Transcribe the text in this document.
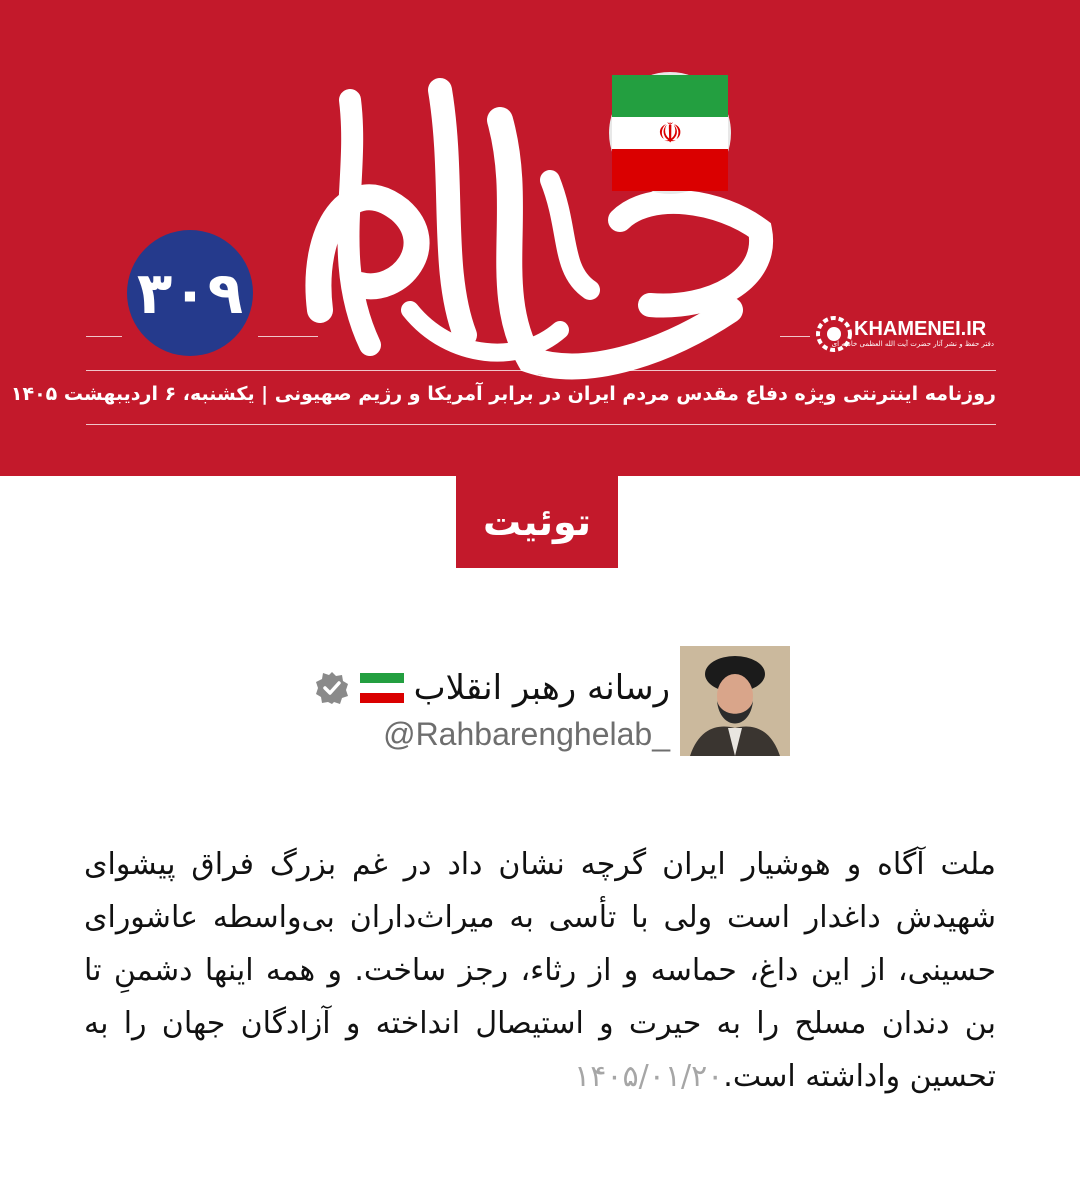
صدای ایران
☫
۳۰۹
KHAMENEI.IR
دفتر حفظ و نشر آثار حضرت آیت الله العظمی خامنه ای
روزنامه اینترنتی ویژه دفاع مقدس مردم ایران در برابر آمریکا و رژیم صهیونی | یکشنبه، ۶ اردیبهشت ۱۴۰۵
توئیت
رسانه رهبر انقلاب
@Rahbarenghelab_
ملت آگاه و هوشیار ایران گرچه نشان داد در غم بزرگ فراق پیشوای شهیدش داغدار است ولی با تأسی به میراث‌داران بی‌واسطه عاشورای حسینی، از این داغ، حماسه و از رثاء، رجز ساخت. و همه اینها دشمنِ تا بن دندان مسلح را به حیرت و استیصال انداخته و آزادگان جهان را به تحسین واداشته است.۱۴۰۵/۰۱/۲۰
